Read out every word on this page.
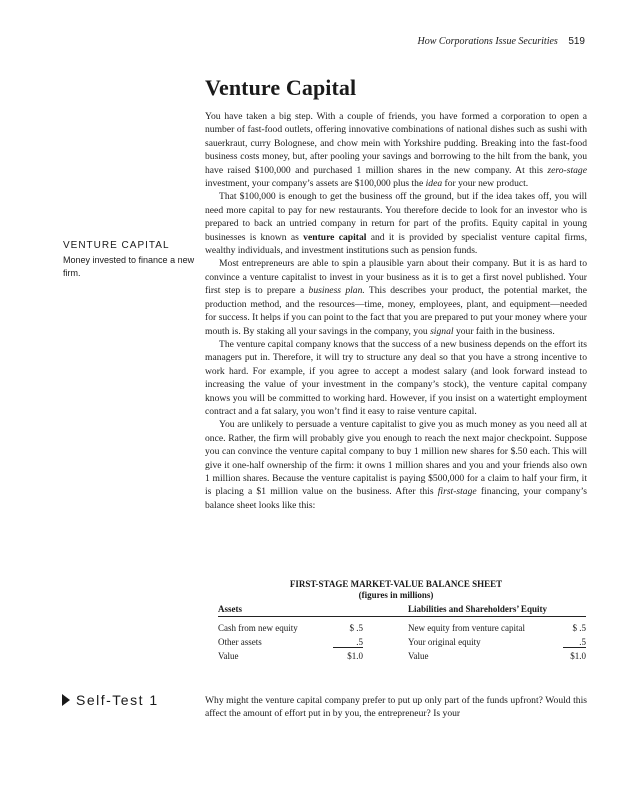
How Corporations Issue Securities 519
Venture Capital
VENTURE CAPITAL
Money invested to finance a new firm.

You have taken a big step. With a couple of friends, you have formed a corporation to open a number of fast-food outlets, offering innovative combinations of national dishes such as sushi with sauerkraut, curry Bolognese, and chow mein with Yorkshire pudding. Breaking into the fast-food business costs money, but, after pooling your savings and borrowing to the hilt from the bank, you have raised $100,000 and purchased 1 million shares in the new company. At this zero-stage investment, your company’s assets are $100,000 plus the idea for your new product.

That $100,000 is enough to get the business off the ground, but if the idea takes off, you will need more capital to pay for new restaurants. You therefore decide to look for an investor who is prepared to back an untried company in return for part of the profits. Equity capital in young businesses is known as venture capital and it is provided by specialist venture capital firms, wealthy individuals, and investment institutions such as pension funds.

Most entrepreneurs are able to spin a plausible yarn about their company. But it is as hard to convince a venture capitalist to invest in your business as it is to get a first novel published. Your first step is to prepare a business plan. This describes your product, the potential market, the production method, and the resources—time, money, employees, plant, and equipment—needed for success. It helps if you can point to the fact that you are prepared to put your money where your mouth is. By staking all your savings in the company, you signal your faith in the business.

The venture capital company knows that the success of a new business depends on the effort its managers put in. Therefore, it will try to structure any deal so that you have a strong incentive to work hard. For example, if you agree to accept a modest salary (and look forward instead to increasing the value of your investment in the company’s stock), the venture capital company knows you will be committed to working hard. However, if you insist on a watertight employment contract and a fat salary, you won’t find it easy to raise venture capital.

You are unlikely to persuade a venture capitalist to give you as much money as you need all at once. Rather, the firm will probably give you enough to reach the next major checkpoint. Suppose you can convince the venture capital company to buy 1 million new shares for $.50 each. This will give it one-half ownership of the firm: it owns 1 million shares and you and your friends also own 1 million shares. Because the venture capitalist is paying $500,000 for a claim to half your firm, it is placing a $1 million value on the business. After this first-stage financing, your company’s balance sheet looks like this:

FIRST-STAGE MARKET-VALUE BALANCE SHEET
(figures in millions)
Assets	Liabilities and Shareholders’ Equity
Cash from new equity	$ .5	New equity from venture capital	$ .5
Other assets	.5	Your original equity	.5
Value	$1.0	Value	$1.0
Self-Test 1	Why might the venture capital company prefer to put up only part of the funds upfront? Would this affect the amount of effort put in by you, the entrepreneur? Is your
